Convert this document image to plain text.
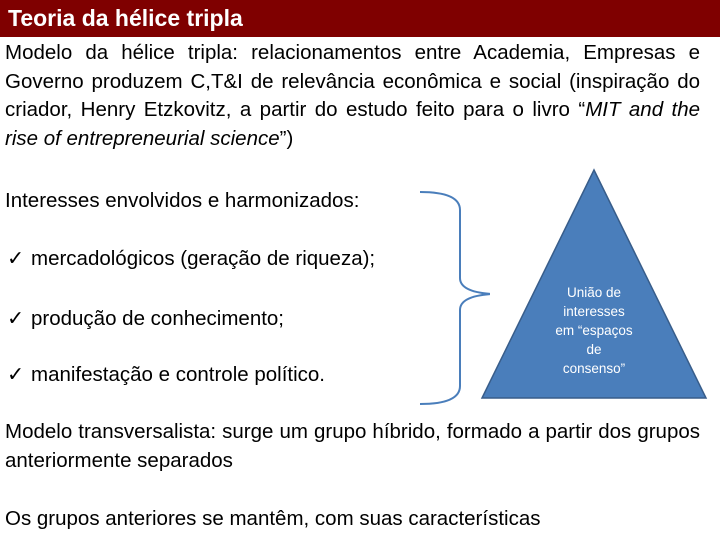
Teoria da hélice tripla
Modelo da hélice tripla: relacionamentos entre Academia, Empresas e Governo produzem C,T&I de relevância econômica e social (inspiração do criador, Henry Etzkovitz, a partir do estudo feito para o livro “MIT and the rise of entrepreneurial science”)
Interesses envolvidos e harmonizados:
✓ mercadológicos (geração de riqueza);
✓ produção de conhecimento;
✓ manifestação e controle político.
União de
interesses
em “espaços
de
consenso”
Modelo transversalista: surge um grupo híbrido, formado a partir dos grupos anteriormente separados
Os grupos anteriores se mantêm, com suas características
